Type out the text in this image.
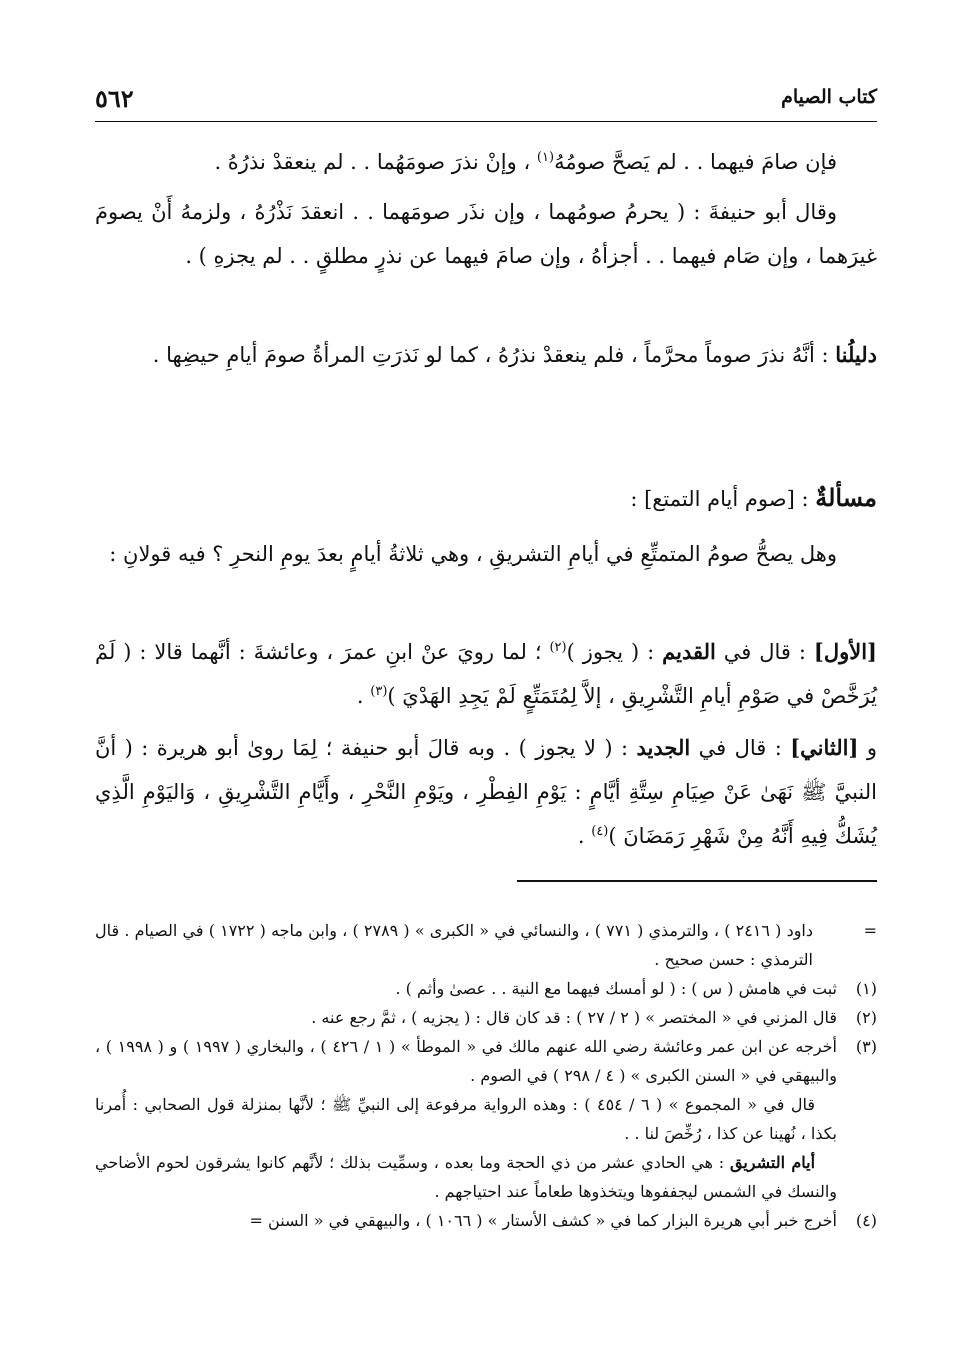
كتاب الصيام
٥٦٢

فإن صامَ فيهما . . لم يَصحَّ صومُهُ$^{(١)}$ ، وإنْ نذرَ صومَهُما . . لم ينعقدْ نذرُهُ .

وقال أبو حنيفةَ : ( يحرمُ صومُهما ، وإن نذَر صومَهما . . انعقدَ نَذْرُهُ ، ولزمهُ أَنْ يصومَ غيرَهما ، وإن صَام فيهما . . أجزأهُ ، وإن صامَ فيهما عن نذرٍ مطلقٍ . . لم يجزهِ ) .

دليلُنا : أنَّهُ نذرَ صوماً محرَّماً ، فلم ينعقدْ نذرُهُ ، كما لو نَذرَتِ المرأةُ صومَ أيامِ حيضِها .

مسألةٌ : [صوم أيام التمتع] :

وهل يصحُّ صومُ المتمتِّعِ في أيامِ التشريقِ ، وهي ثلاثةُ أيامٍ بعدَ يومِ النحرِ ؟ فيه قولانِ :

[الأول] : قال في القديم : ( يجوز )$^{(٢)}$ ؛ لما رويَ عنْ ابنِ عمرَ ، وعائشةَ : أنَّهما قالا : ( لَمْ يُرَخَّصْ في صَوْمِ أيامِ التَّشْرِيقِ ، إلاَّ لِمُتَمَتِّعٍ لَمْ يَجِدِ الهَدْيَ )$^{(٣)}$ .

و [الثاني] : قال في الجديد : ( لا يجوز ) . وبه قالَ أبو حنيفة ؛ لِمَا روىٰ أبو هريرة : ( أنَّ النبيَّ ﷺ نَهَىٰ عَنْ صِيَامِ سِتَّةِ أيَّامٍ : يَوْمِ الفِطْرِ ، ويَوْمِ النَّحْرِ ، وأَيَّامِ التَّشْرِيقِ ، وَاليَوْمِ الَّذِي يُشَكُّ فِيهِ أَنَّهُ مِنْ شَهْرِ رَمَضَانَ )$^{(٤)}$ .

=

داود ( ٢٤١٦ ) ، والترمذي ( ٧٧١ ) ، والنسائي في « الكبرى » ( ٢٧٨٩ ) ، وابن ماجه ( ١٧٢٢ ) في الصيام . قال الترمذي : حسن صحيح .

(١)

ثبت في هامش ( س ) : ( لو أمسك فيهما مع النية . . عصىٰ وأثم ) .

(٢)

قال المزني في « المختصر » ( ٢ / ٢٧ ) : قد كان قال : ( يجزيه ) ، ثمَّ رجع عنه .

(٣)

أخرجه عن ابن عمر وعائشة رضي الله عنهم مالك في « الموطأ » ( ١ / ٤٢٦ ) ، والبخاري ( ١٩٩٧ ) و ( ١٩٩٨ ) ، والبيهقي في « السنن الكبرى » ( ٤ / ٢٩٨ ) في الصوم .

قال في « المجموع » ( ٦ / ٤٥٤ ) : وهذه الرواية مرفوعة إلى النبيِّ ﷺ ؛ لأنَّها بمنزلة قول الصحابي : أُمرنا بكذا ، نُهينا عن كذا ، رُخِّصَ لنا . .

أيام التشريق : هي الحادي عشر من ذي الحجة وما بعده ، وسمِّيت بذلك ؛ لأنَّهم كانوا يشرقون لحوم الأضاحي والنسك في الشمس ليجففوها ويتخذوها طعاماً عند احتياجهم .

(٤)

أخرج خبر أبي هريرة البزار كما في « كشف الأستار » ( ١٠٦٦ ) ، والبيهقي في « السنن =
